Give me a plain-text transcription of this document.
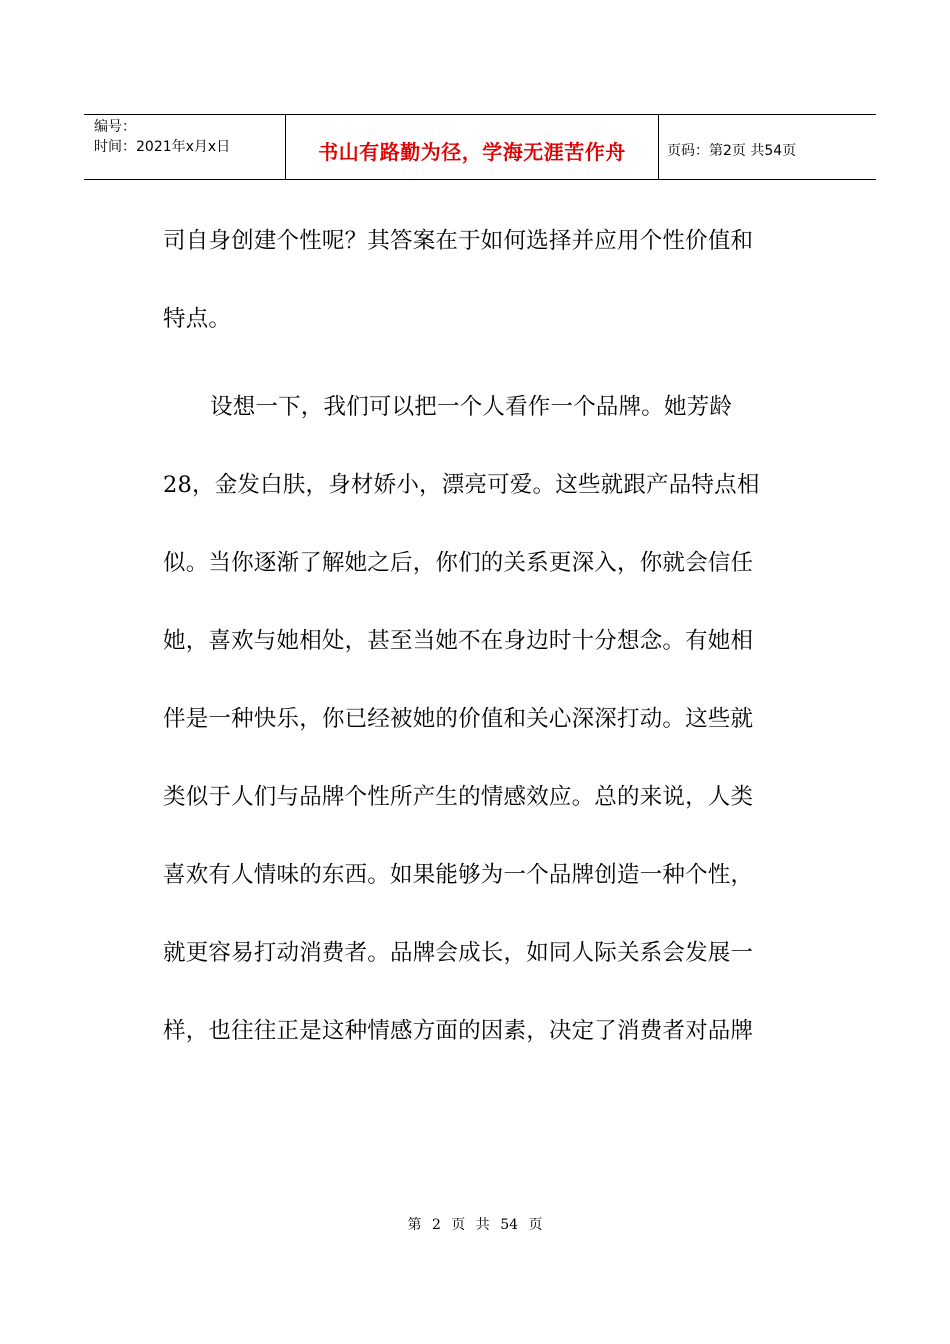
编号：
时间：2021年x月x日	书山有路勤为径，学海无涯苦作舟	页码：第2页 共54页
司自身创建个性呢？其答案在于如何选择并应用个性价值和
特点。
设想一下，我们可以把一个人看作一个品牌。她芳龄
28，金发白肤，身材娇小，漂亮可爱。这些就跟产品特点相
似。当你逐渐了解她之后，你们的关系更深入，你就会信任
她，喜欢与她相处，甚至当她不在身边时十分想念。有她相
伴是一种快乐，你已经被她的价值和关心深深打动。这些就
类似于人们与品牌个性所产生的情感效应。总的来说，人类
喜欢有人情味的东西。如果能够为一个品牌创造一种个性，
就更容易打动消费者。品牌会成长，如同人际关系会发展一
样，也往往正是这种情感方面的因素，决定了消费者对品牌
第 2 页 共 54 页
